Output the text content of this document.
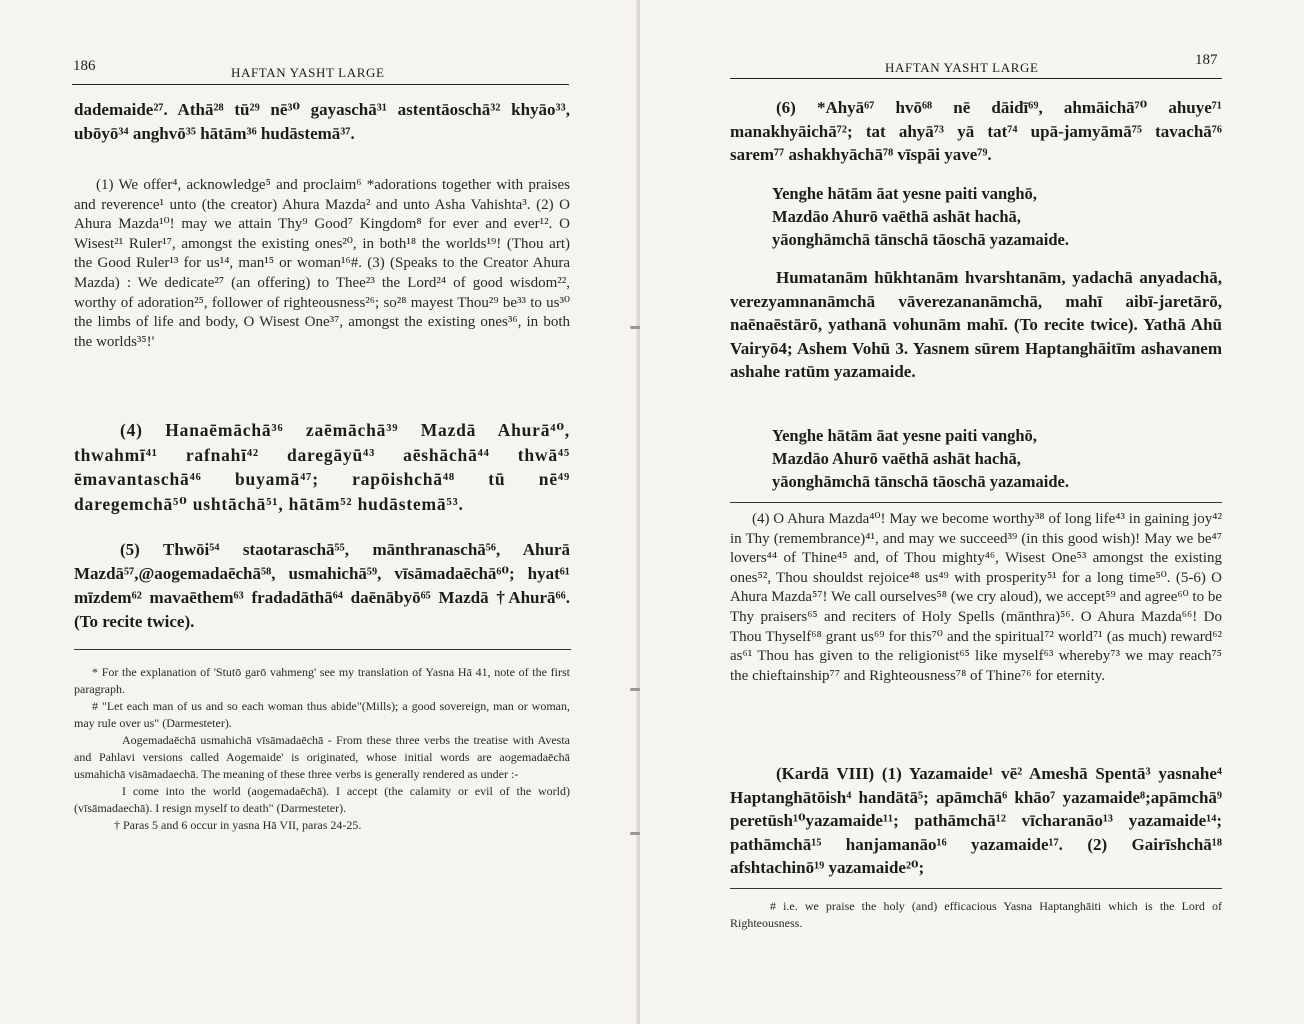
186	HAFTAN YASHT LARGE

dademaide²⁷. Athā²⁸ tū²⁹ nē³⁰ gayaschā³¹ astentāoschā³² khyāo³³, ubōyō³⁴ anghvō³⁵ hātām³⁶ hudāstemā³⁷.

(1) We offer⁴, acknowledge⁵ and proclaim⁶ *adorations together with praises and reverence¹ unto (the creator) Ahura Mazda² and unto Asha Vahishta³. (2) O Ahura Mazda¹⁰! may we attain Thy⁹ Good⁷ Kingdom⁸ for ever and ever¹². O Wisest²¹ Ruler¹⁷, amongst the existing ones²⁰, in both¹⁸ the worlds¹⁹! (Thou art) the Good Ruler¹³ for us¹⁴, man¹⁵ or woman¹⁶#. (3) (Speaks to the Creator Ahura Mazda) : We dedicate²⁷ (an offering) to Thee²³ the Lord²⁴ of good wisdom²², worthy of adoration²⁵, follower of righteousness²⁶; so²⁸ mayest Thou²⁹ be³³ to us³⁰ the limbs of life and body, O Wisest One³⁷, amongst the existing ones³⁶, in both the worlds³⁵!'

(4) Hanaēmāchā³⁶ zaēmāchā³⁹ Mazdā Ahurā⁴⁰, thwahmī⁴¹ rafnahī⁴² daregāyū⁴³ aēshāchā⁴⁴ thwā⁴⁵ ēmavantaschā⁴⁶ buyamā⁴⁷; rapōishchā⁴⁸ tū nē⁴⁹ daregemchā⁵⁰ ushtāchā⁵¹, hātām⁵² hudāstemā⁵³.

(5) Thwōi⁵⁴ staotaraschā⁵⁵, mānthranaschā⁵⁶, Ahurā Mazdā⁵⁷,@aogemadaēchā⁵⁸, usmahichā⁵⁹, vīsāmadaēchā⁶⁰; hyat⁶¹ mīzdem⁶² mavaēthem⁶³ fradadāthā⁶⁴ daēnābyō⁶⁵ Mazdā †Ahurā⁶⁶. (To recite twice).

* For the explanation of 'Stutō garō vahmeng' see my translation of Yasna Hā 41, note of the first paragraph.

# "Let each man of us and so each woman thus abide"(Mills); a good sovereign, man or woman, may rule over us" (Darmesteter).

Aogemadaēchā usmahichā vīsāmadaēchā - From these three verbs the treatise with Avesta and Pahlavi versions called Aogemaide' is originated, whose initial words are aogemadaēchā usmahichā visāmadaechā. The meaning of these three verbs is generally rendered as under :-

I come into the world (aogemadaēchā). I accept (the calamity or evil of the world) (vīsāmadaechā). I resign myself to death" (Darmesteter).

† Paras 5 and 6 occur in yasna Hā VII, paras 24-25.

HAFTAN YASHT LARGE	187

(6) *Ahyā⁶⁷ hvō⁶⁸ nē dāidī⁶⁹, ahmāichā⁷⁰ ahuye⁷¹ manakhyāichā⁷²; tat ahyā⁷³ yā tat⁷⁴ upā-jamyāmā⁷⁵ tavachā⁷⁶ sarem⁷⁷ ashakhyāchā⁷⁸ vīspāi yave⁷⁹.

Yenghe hātām āat yesne paiti vanghō,
Mazdāo Ahurō vaēthā ashāt hachā,
yāonghāmchā tānschā tāoschā yazamaide.

Humatanām hūkhtanām hvarshtanām, yadachā anyadachā, verezyamnanāmchā vāverezananāmchā, mahī aibī-jaretārō, naēnaēstārō, yathanā vohunām mahī. (To recite twice). Yathā Ahū Vairyō4; Ashem Vohū 3. Yasnem sūrem Haptanghāitīm ashavanem ashahe ratūm yazamaide.

Yenghe hātām āat yesne paiti vanghō,
Mazdāo Ahurō vaēthā ashāt hachā,
yāonghāmchā tānschā tāoschā yazamaide.

(4) O Ahura Mazda⁴⁰! May we become worthy³⁸ of long life⁴³ in gaining joy⁴² in Thy (remembrance)⁴¹, and may we succeed³⁹ (in this good wish)! May we be⁴⁷ lovers⁴⁴ of Thine⁴⁵ and, of Thou mighty⁴⁶, Wisest One⁵³ amongst the existing ones⁵², Thou shouldst rejoice⁴⁸ us⁴⁹ with prosperity⁵¹ for a long time⁵⁰. (5-6) O Ahura Mazda⁵⁷! We call ourselves⁵⁸ (we cry aloud), we accept⁵⁹ and agree⁶⁰ to be Thy praisers⁶⁵ and reciters of Holy Spells (mānthra)⁵⁶. O Ahura Mazda⁶⁶! Do Thou Thyself⁶⁸ grant us⁶⁹ for this⁷⁰ and the spiritual⁷² world⁷¹ (as much) reward⁶² as⁶¹ Thou has given to the religionist⁶⁵ like myself⁶³ whereby⁷³ we may reach⁷⁵ the chieftainship⁷⁷ and Righteousness⁷⁸ of Thine⁷⁶ for eternity.

(Kardā VIII) (1) Yazamaide¹ vē² Ameshā Spentā³ yasnahe⁴ Haptanghātōish⁴ handātā⁵; apāmchā⁶ khāo⁷ yazamaide⁸;apāmchā⁹ peretūsh¹⁰yazamaide¹¹; pathāmchā¹² vīcharanāo¹³ yazamaide¹⁴; pathāmchā¹⁵ hanjamanāo¹⁶ yazamaide¹⁷. (2) Gairīshchā¹⁸ afshtachinō¹⁹ yazamaide²⁰;

# i.e. we praise the holy (and) efficacious Yasna Haptanghāiti which is the Lord of Righteousness.
